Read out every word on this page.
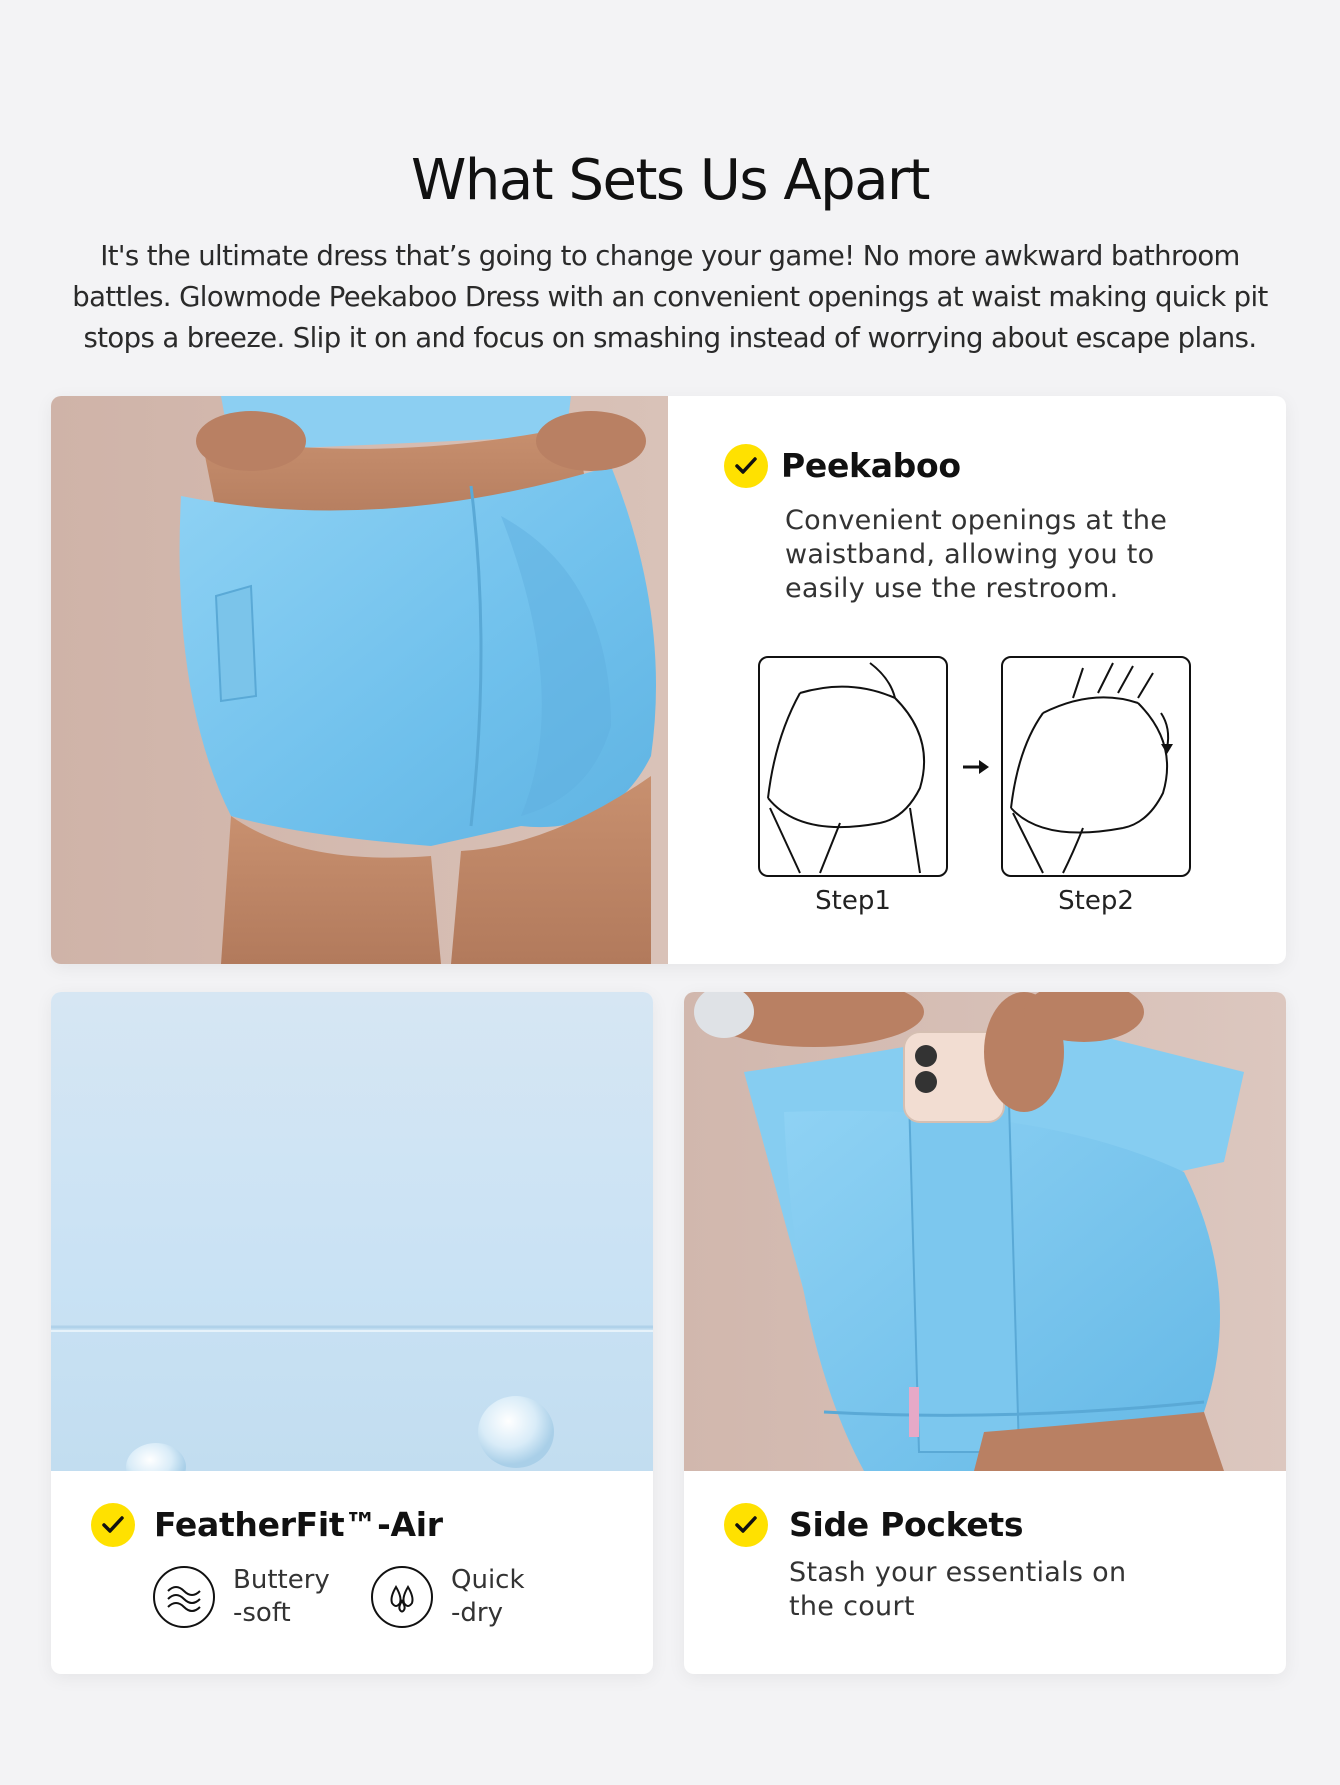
What Sets Us Apart

It's the ultimate dress that’s going to change your game! No more awkward bathroom battles. Glowmode Peekaboo Dress with an convenient openings at waist making quick pit stops a breeze. Slip it on and focus on smashing instead of worrying about escape plans.

Peekaboo
Convenient openings at the waistband, allowing you to easily use the restroom.
Step1	Step2
FeatherFit™-Air
Buttery
-soft
Quick
-dry
Side Pockets
Stash your essentials on the court
